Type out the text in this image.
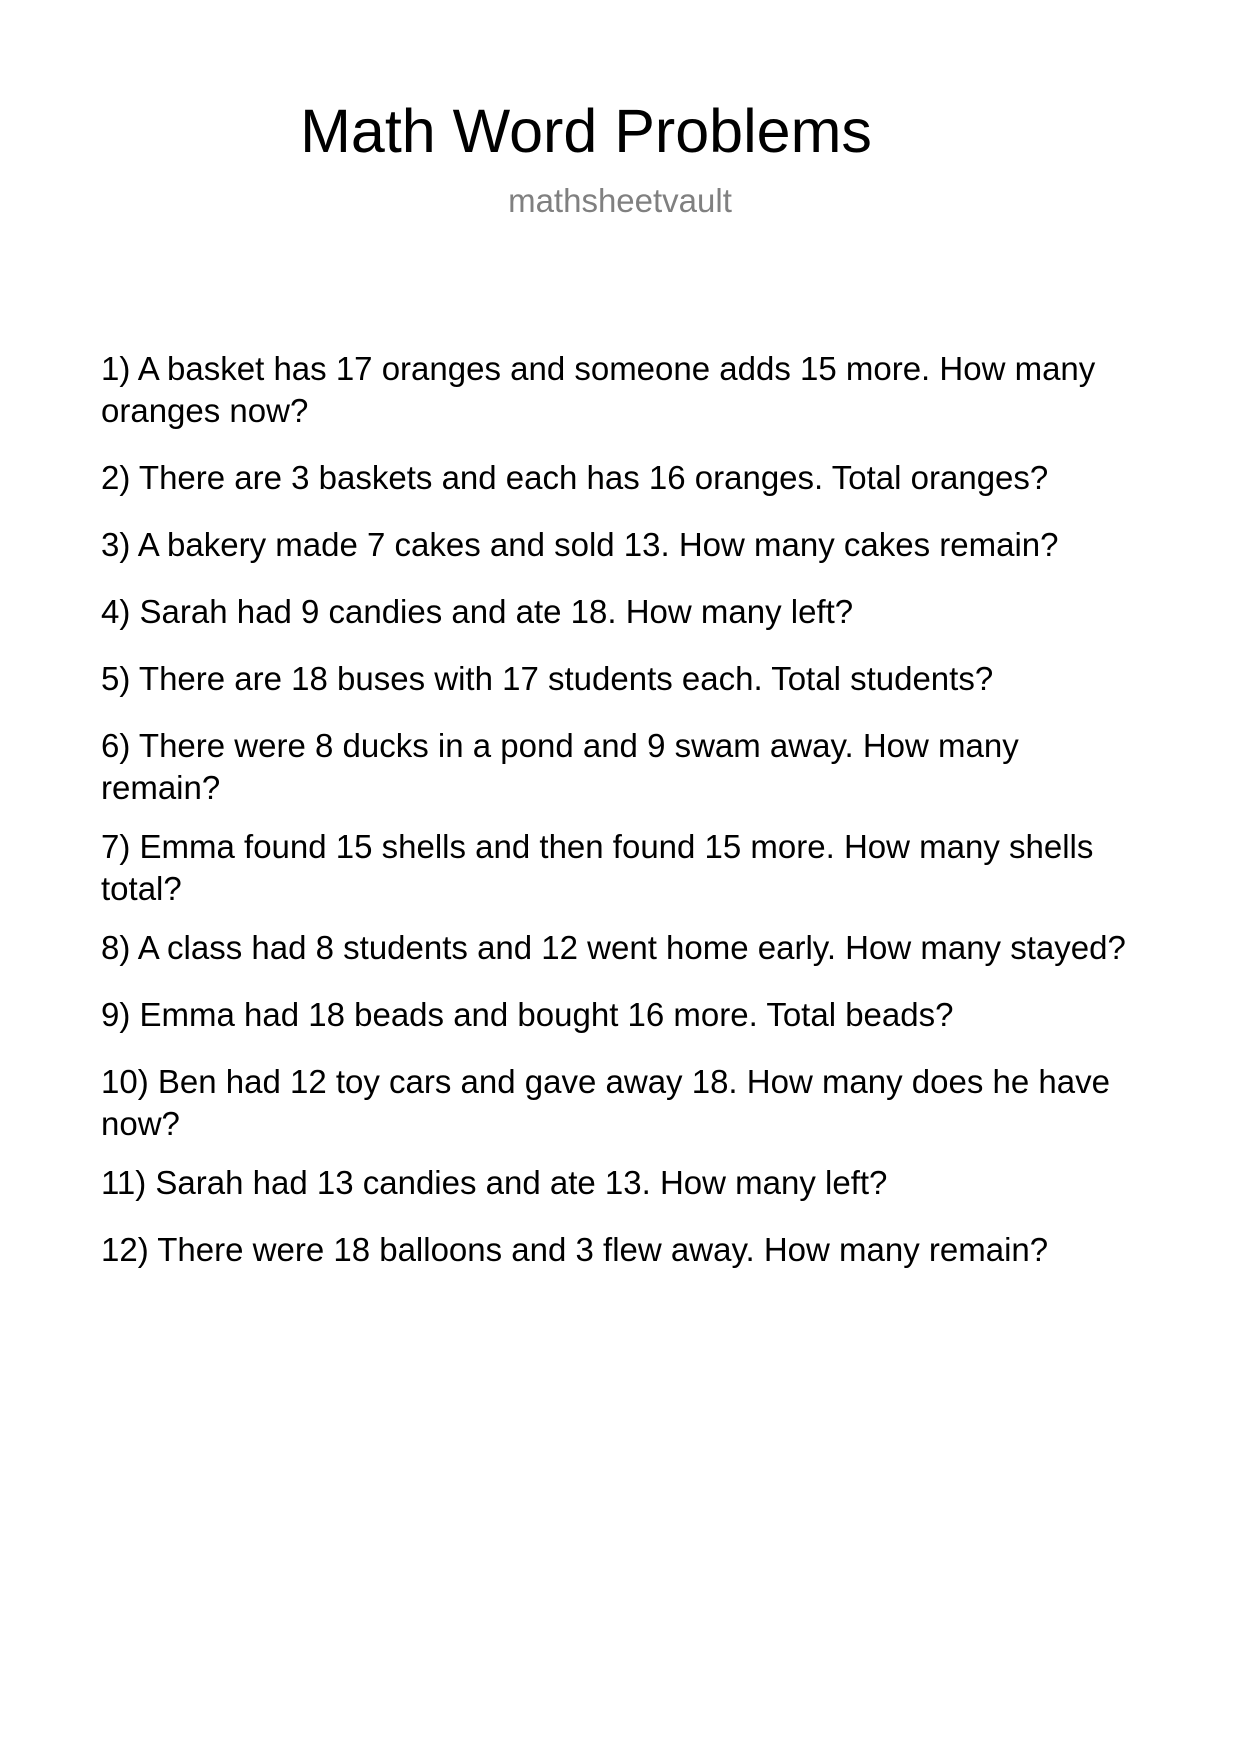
Math Word Problems
mathsheetvault
1) A basket has 17 oranges and someone adds 15 more. How many oranges now?
2) There are 3 baskets and each has 16 oranges. Total oranges?
3) A bakery made 7 cakes and sold 13. How many cakes remain?
4) Sarah had 9 candies and ate 18. How many left?
5) There are 18 buses with 17 students each. Total students?
6) There were 8 ducks in a pond and 9 swam away. How many remain?
7) Emma found 15 shells and then found 15 more. How many shells total?
8) A class had 8 students and 12 went home early. How many stayed?
9) Emma had 18 beads and bought 16 more. Total beads?
10) Ben had 12 toy cars and gave away 18. How many does he have now?
11) Sarah had 13 candies and ate 13. How many left?
12) There were 18 balloons and 3 flew away. How many remain?
